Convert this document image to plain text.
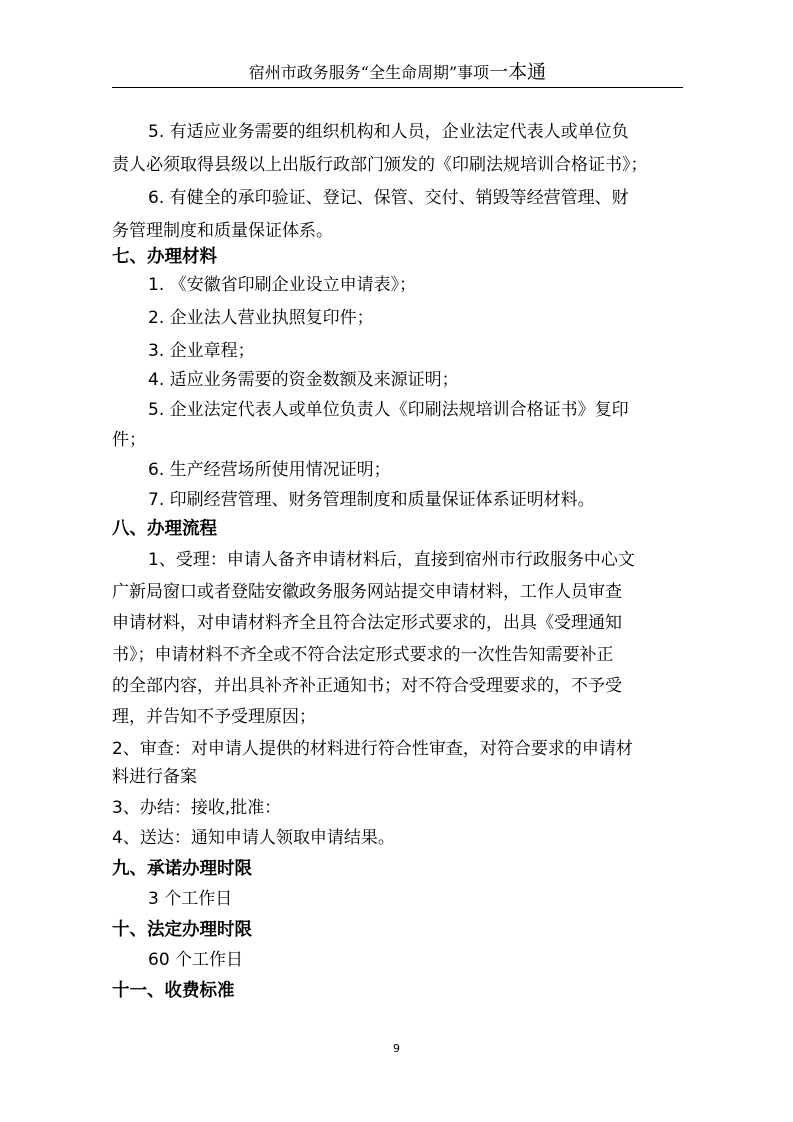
宿州市政务服务“全生命周期”事项一本通
5. 有适应业务需要的组织机构和人员，企业法定代表人或单位负
责人必须取得县级以上出版行政部门颁发的《印刷法规培训合格证书》；
6. 有健全的承印验证、登记、保管、交付、销毁等经营管理、财
务管理制度和质量保证体系。
七、办理材料
1. 《安徽省印刷企业设立申请表》；
2. 企业法人营业执照复印件；
3. 企业章程；
4. 适应业务需要的资金数额及来源证明；
5. 企业法定代表人或单位负责人《印刷法规培训合格证书》复印
件；
6. 生产经营场所使用情况证明；
7. 印刷经营管理、财务管理制度和质量保证体系证明材料。
八、办理流程
1、受理：申请人备齐申请材料后，直接到宿州市行政服务中心文
广新局窗口或者登陆安徽政务服务网站提交申请材料，工作人员审查
申请材料，对申请材料齐全且符合法定形式要求的，出具《受理通知
书》；申请材料不齐全或不符合法定形式要求的一次性告知需要补正
的全部内容，并出具补齐补正通知书；对不符合受理要求的，不予受
理，并告知不予受理原因；
2、审查：对申请人提供的材料进行符合性审查，对符合要求的申请材
料进行备案
3、办结：接收,批准：
4、送达：通知申请人领取申请结果。
九、承诺办理时限
3 个工作日
十、法定办理时限
60 个工作日
十一、收费标准
9
